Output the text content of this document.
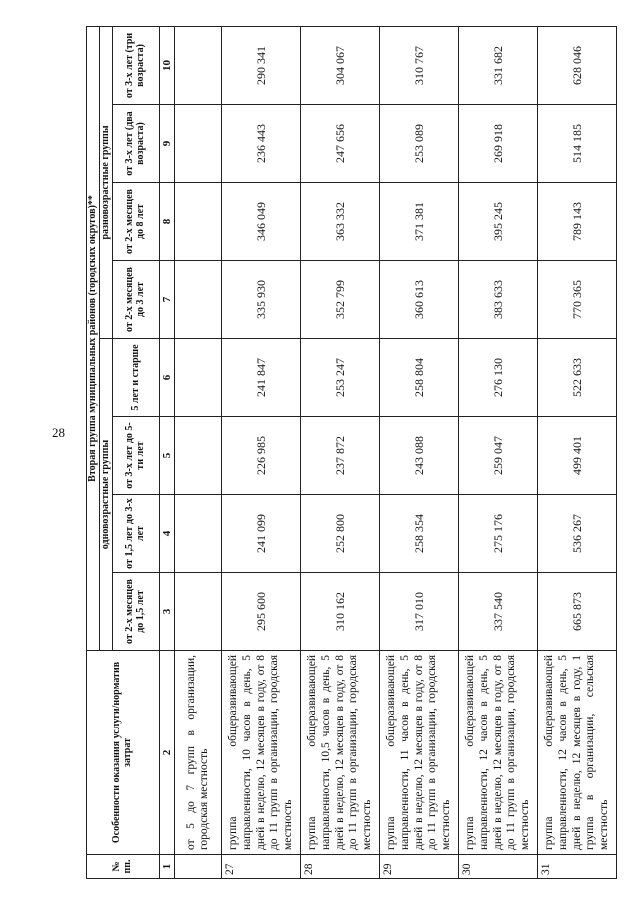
28
№ пп.	Особенности оказания услуги/норматив затрат	Вторая группа муниципальных районов (городских округов)**							
		одновозрастные группы				разновозрастные группы			
		от 2-х месяцев до 1,5 лет	от 1,5 лет до 3-х лет	от 3-х лет до 5-ти лет	5 лет и старше	от 2-х месяцев до 3 лет	от 2-х месяцев до 8 лет	от 3-х лет (два возраста)	от 3-х лет (три возраста)
1	2	3	4	5	6	7	8	9	10
	от 5 до 7 групп в организации, городская местность								
27	группа общеразвивающей направленности, 10 часов в день, 5 дней в неделю, 12 месяцев в году, от 8 до 11 групп в организации, городская местность	295 600	241 099	226 985	241 847	335 930	346 049	236 443	290 341
28	группа общеразвивающей направленности, 10,5 часов в день, 5 дней в неделю, 12 месяцев в году, от 8 до 11 групп в организации, городская местность	310 162	252 800	237 872	253 247	352 799	363 332	247 656	304 067
29	группа общеразвивающей направленности, 11 часов в день, 5 дней в неделю, 12 месяцев в году, от 8 до 11 групп в организации, городская местность	317 010	258 354	243 088	258 804	360 613	371 381	253 089	310 767
30	группа общеразвивающей направленности, 12 часов в день, 5 дней в неделю, 12 месяцев в году, от 8 до 11 групп в организации, городская местность	337 540	275 176	259 047	276 130	383 633	395 245	269 918	331 682
31	группа общеразвивающей направленности, 12 часов в день, 5 дней в неделю, 12 месяцев в году, 1 группа в организации, сельская местность	665 873	536 267	499 401	522 633	770 365	789 143	514 185	628 046
